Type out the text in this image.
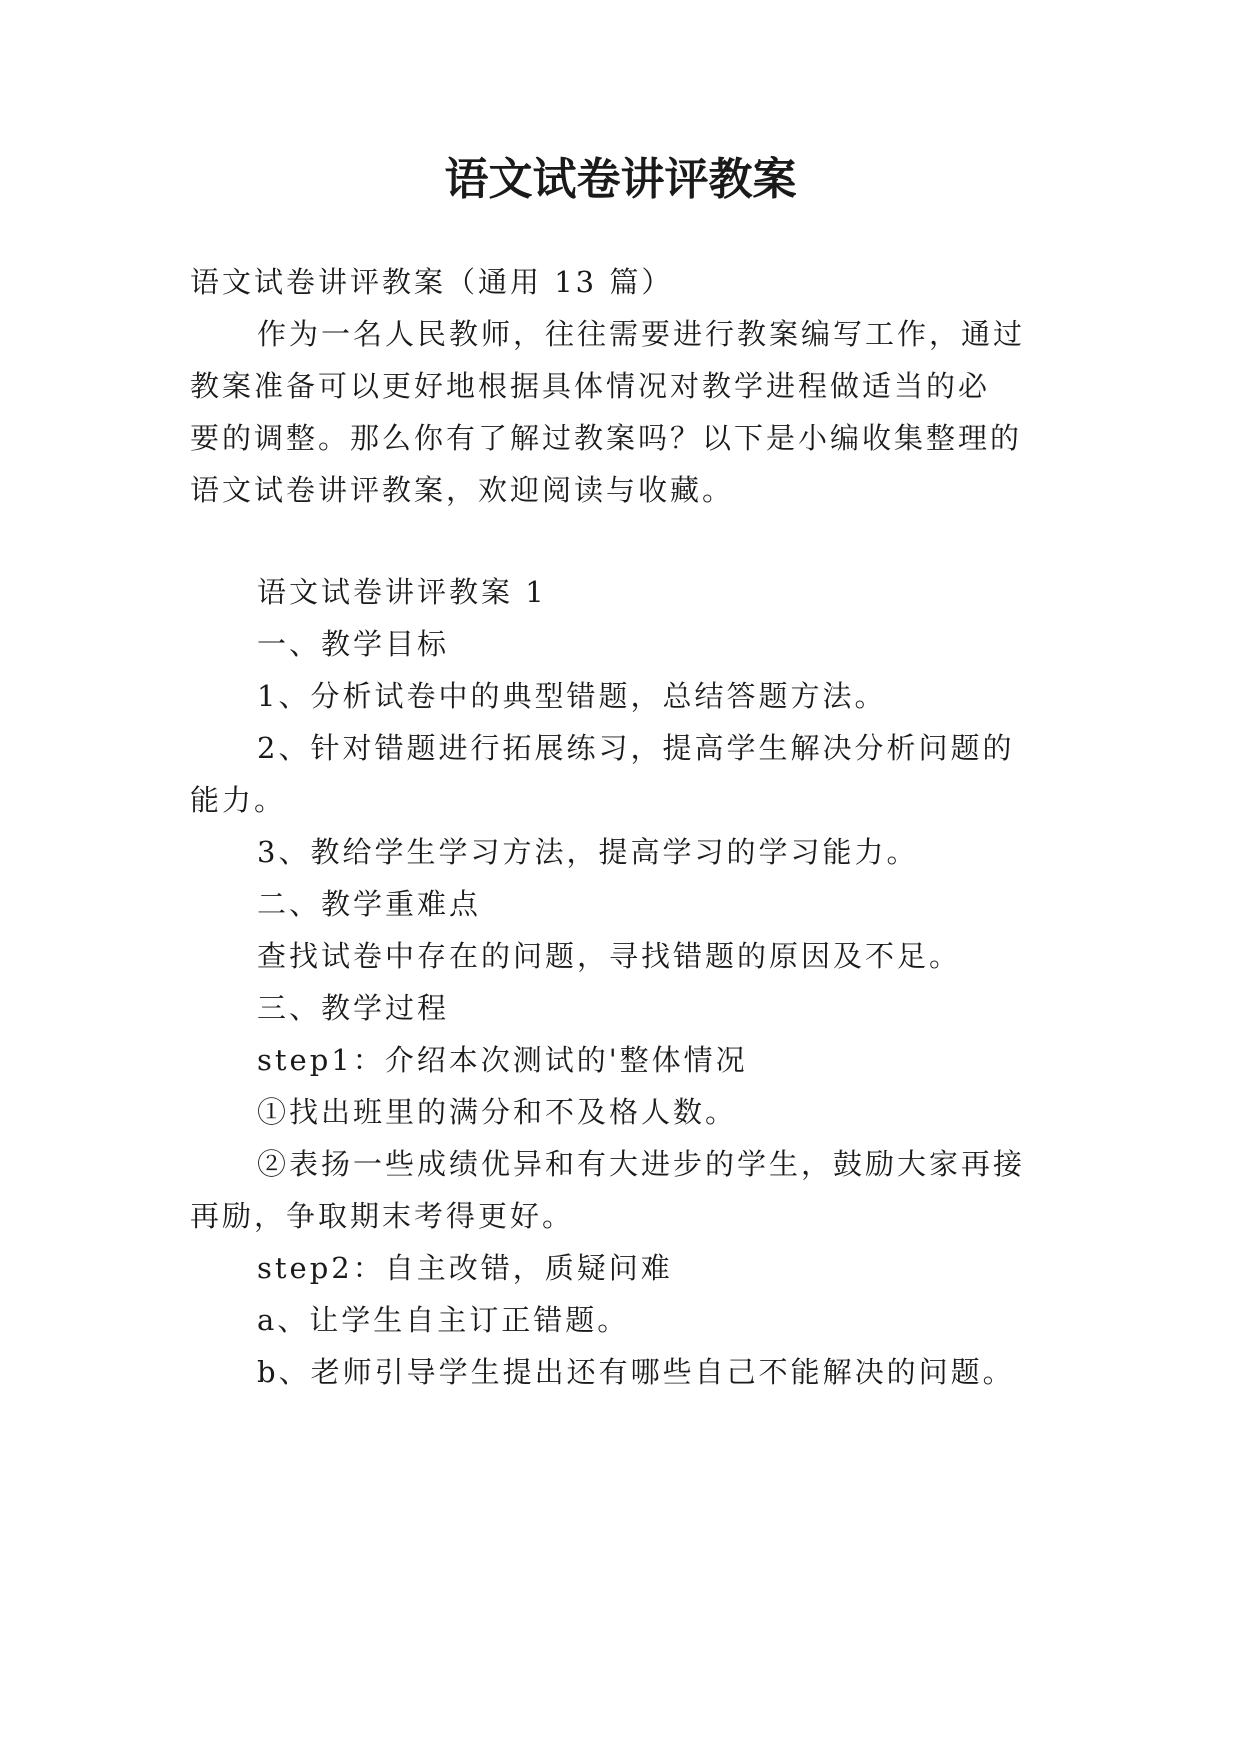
语文试卷讲评教案
语文试卷讲评教案（通用 13 篇）
作为一名人民教师，往往需要进行教案编写工作，通过
教案准备可以更好地根据具体情况对教学进程做适当的必
要的调整。那么你有了解过教案吗？以下是小编收集整理的
语文试卷讲评教案，欢迎阅读与收藏。
语文试卷讲评教案 1
一、教学目标
1、分析试卷中的典型错题，总结答题方法。
2、针对错题进行拓展练习，提高学生解决分析问题的
能力。
3、教给学生学习方法，提高学习的学习能力。
二、教学重难点
查找试卷中存在的问题，寻找错题的原因及不足。
三、教学过程
step1：介绍本次测试的'整体情况
①找出班里的满分和不及格人数。
②表扬一些成绩优异和有大进步的学生，鼓励大家再接
再励，争取期末考得更好。
step2：自主改错，质疑问难
a、让学生自主订正错题。
b、老师引导学生提出还有哪些自己不能解决的问题。
